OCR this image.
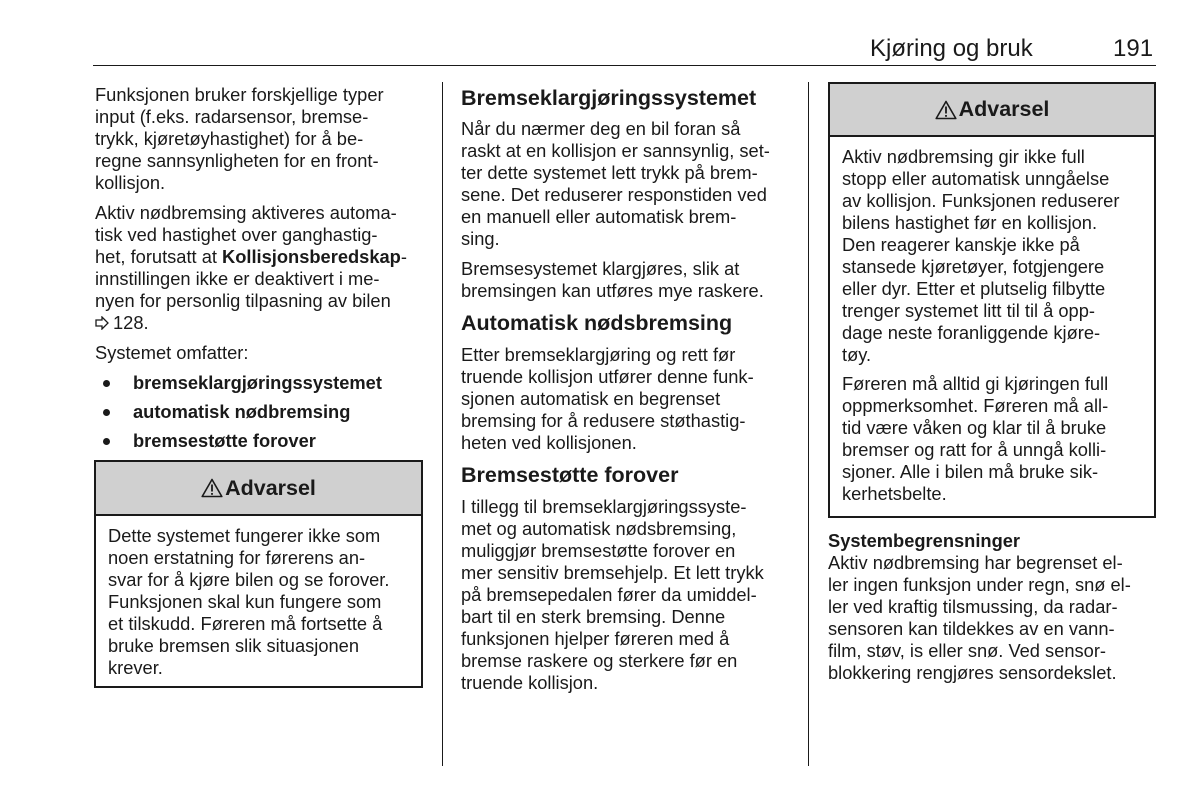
Kjøring og bruk	191

Funksjonen bruker forskjellige typer
input (f.eks. radarsensor, bremse-
trykk, kjøretøyhastighet) for å be-
regne sannsynligheten for en front-
kollisjon.

Aktiv nødbremsing aktiveres automa-
tisk ved hastighet over ganghastig-
het, forutsatt at Kollisjonsberedskap-
innstillingen ikke er deaktivert i me-
nyen for personlig tilpasning av bilen
128.

Systemet omfatter:

bremseklargjøringssystemet
automatisk nødbremsing
bremsestøtte forover
Advarsel

Dette systemet fungerer ikke som
noen erstatning for førerens an-
svar for å kjøre bilen og se forover.
Funksjonen skal kun fungere som
et tilskudd. Føreren må fortsette å
bruke bremsen slik situasjonen
krever.

Bremseklargjøringssystemet

Når du nærmer deg en bil foran så
raskt at en kollisjon er sannsynlig, set-
ter dette systemet lett trykk på brem-
sene. Det reduserer responstiden ved
en manuell eller automatisk brem-
sing.

Bremsesystemet klargjøres, slik at
bremsingen kan utføres mye raskere.

Automatisk nødsbremsing

Etter bremseklargjøring og rett før
truende kollisjon utfører denne funk-
sjonen automatisk en begrenset
bremsing for å redusere støthastig-
heten ved kollisjonen.

Bremsestøtte forover

I tillegg til bremseklargjøringssyste-
met og automatisk nødsbremsing,
muliggjør bremsestøtte forover en
mer sensitiv bremsehjelp. Et lett trykk
på bremsepedalen fører da umiddel-
bart til en sterk bremsing. Denne
funksjonen hjelper føreren med å
bremse raskere og sterkere før en
truende kollisjon.

Advarsel

Aktiv nødbremsing gir ikke full
stopp eller automatisk unngåelse
av kollisjon. Funksjonen reduserer
bilens hastighet før en kollisjon.
Den reagerer kanskje ikke på
stansede kjøretøyer, fotgjengere
eller dyr. Etter et plutselig filbytte
trenger systemet litt til til å opp-
dage neste foranliggende kjøre-
tøy.

Føreren må alltid gi kjøringen full
oppmerksomhet. Føreren må all-
tid være våken og klar til å bruke
bremser og ratt for å unngå kolli-
sjoner. Alle i bilen må bruke sik-
kerhetsbelte.

Systembegrensninger

Aktiv nødbremsing har begrenset el-
ler ingen funksjon under regn, snø el-
ler ved kraftig tilsmussing, da radar-
sensoren kan tildekkes av en vann-
film, støv, is eller snø. Ved sensor-
blokkering rengjøres sensordekslet.
